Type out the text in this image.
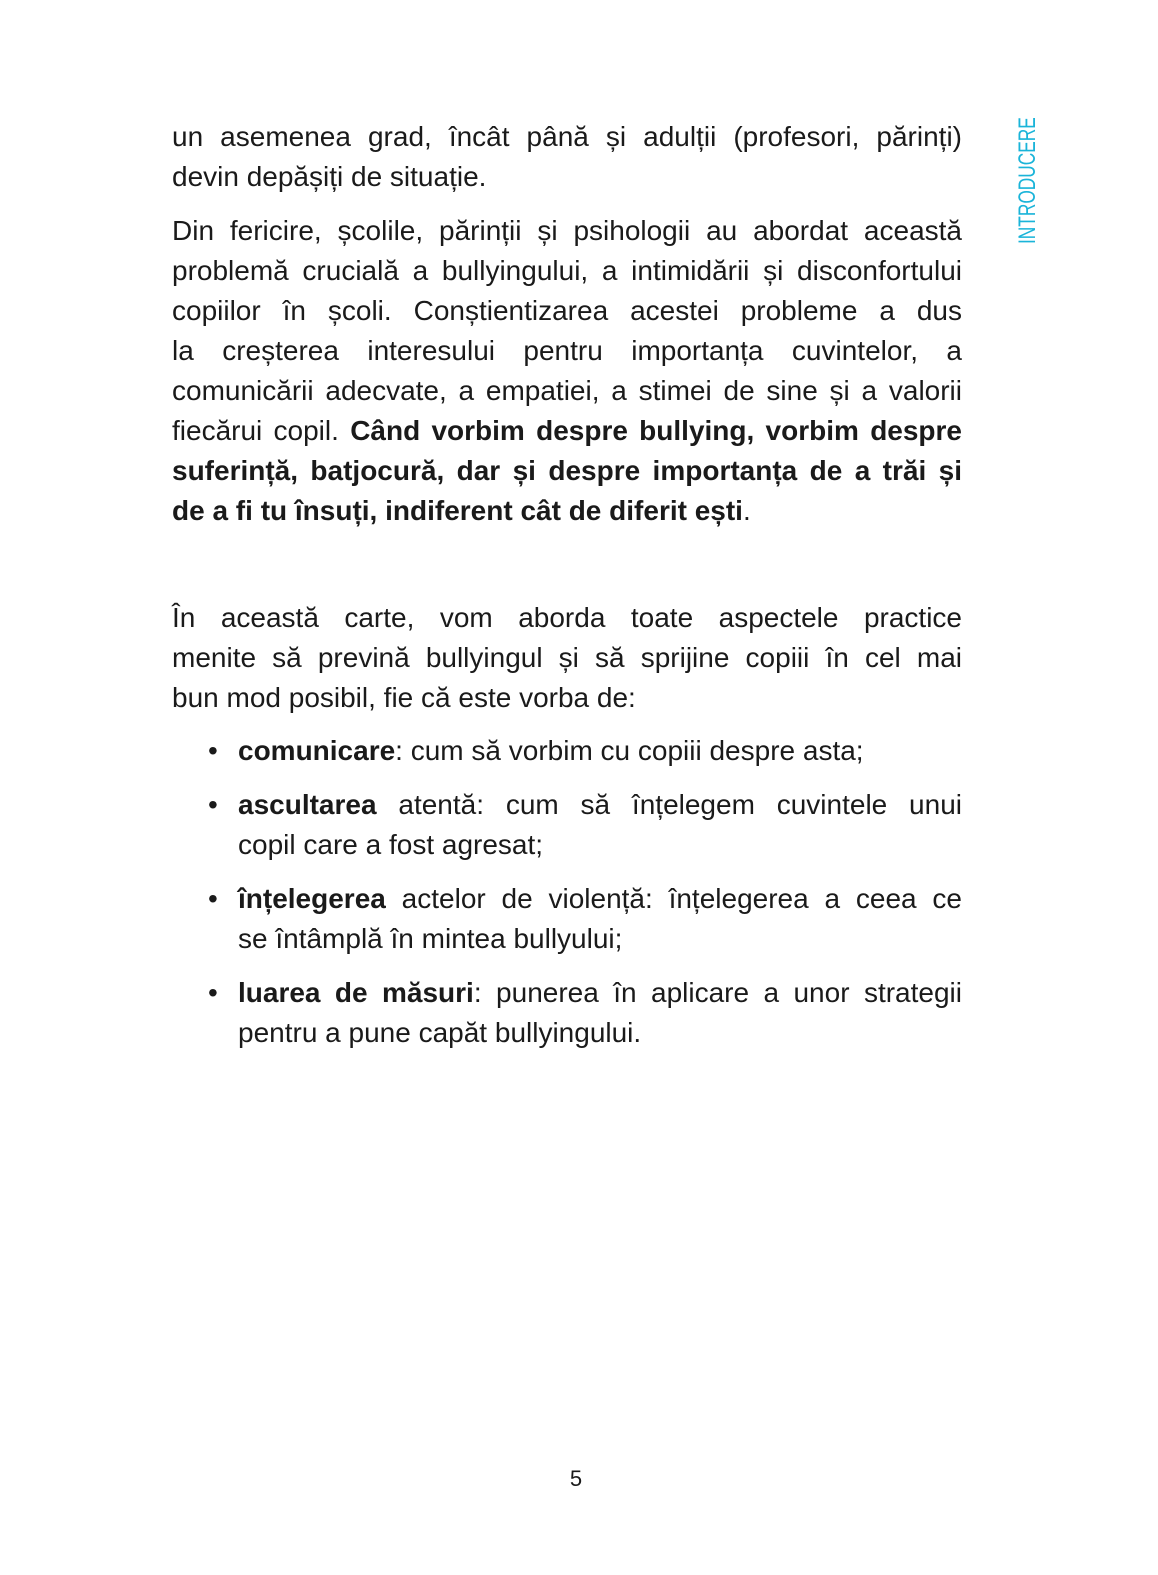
INTRODUCERE
un asemenea grad, încât până și adulții (profesori, părinți)
devin depășiți de situație.
Din fericire, școlile, părinții și psihologii au abordat această
problemă crucială a bullyingului, a intimidării și disconfortului
copiilor în școli. Conștientizarea acestei probleme a dus
la creșterea interesului pentru importanța cuvintelor, a
comunicării adecvate, a empatiei, a stimei de sine și a valorii
fiecărui copil. Când vorbim despre bullying, vorbim despre
suferință, batjocură, dar și despre importanța de a trăi și
de a fi tu însuți, indiferent cât de diferit ești.
În această carte, vom aborda toate aspectele practice
menite să prevină bullyingul și să sprijine copiii în cel mai
bun mod posibil, fie că este vorba de:
• comunicare: cum să vorbim cu copiii despre asta;
• ascultarea atentă: cum să înțelegem cuvintele unui
copil care a fost agresat;
• înțelegerea actelor de violență: înțelegerea a ceea ce
se întâmplă în mintea bullyului;
• luarea de măsuri: punerea în aplicare a unor strategii
pentru a pune capăt bullyingului.
5
